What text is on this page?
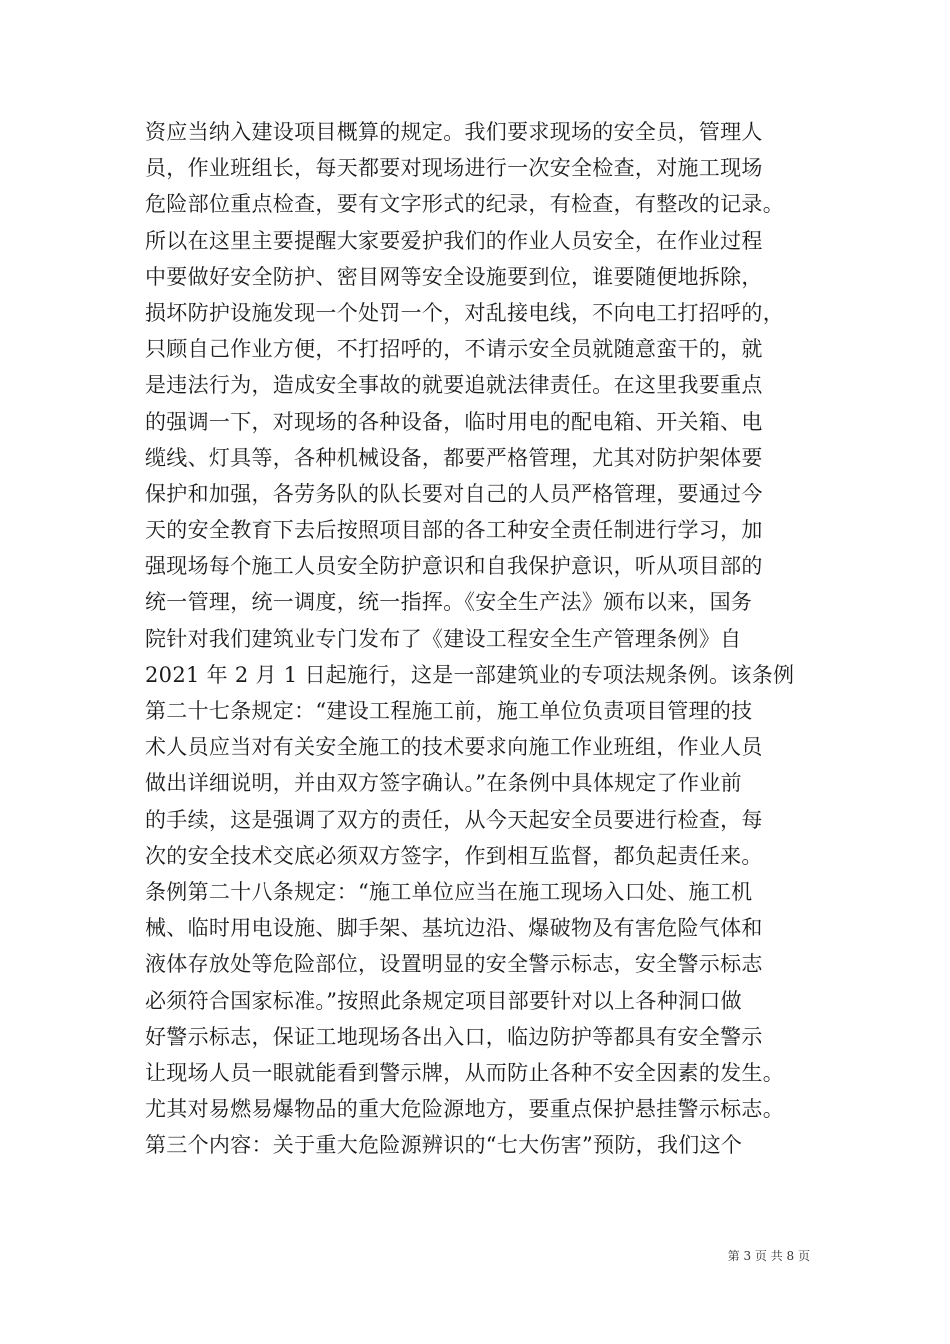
资应当纳入建设项目概算的规定。我们要求现场的安全员，管理人
员，作业班组长，每天都要对现场进行一次安全检查，对施工现场
危险部位重点检查，要有文字形式的纪录，有检查，有整改的记录。
所以在这里主要提醒大家要爱护我们的作业人员安全，在作业过程
中要做好安全防护、密目网等安全设施要到位，谁要随便地拆除，
损坏防护设施发现一个处罚一个，对乱接电线，不向电工打招呼的，
只顾自己作业方便，不打招呼的，不请示安全员就随意蛮干的，就
是违法行为，造成安全事故的就要追就法律责任。在这里我要重点
的强调一下，对现场的各种设备，临时用电的配电箱、开关箱、电
缆线、灯具等，各种机械设备，都要严格管理，尤其对防护架体要
保护和加强，各劳务队的队长要对自己的人员严格管理，要通过今
天的安全教育下去后按照项目部的各工种安全责任制进行学习，加
强现场每个施工人员安全防护意识和自我保护意识，听从项目部的
统一管理，统一调度，统一指挥。《安全生产法》颁布以来，国务
院针对我们建筑业专门发布了《建设工程安全生产管理条例》自
2021 年 2 月 1 日起施行，这是一部建筑业的专项法规条例。该条例
第二十七条规定：“建设工程施工前，施工单位负责项目管理的技
术人员应当对有关安全施工的技术要求向施工作业班组，作业人员
做出详细说明，并由双方签字确认。”在条例中具体规定了作业前
的手续，这是强调了双方的责任，从今天起安全员要进行检查，每
次的安全技术交底必须双方签字，作到相互监督，都负起责任来。
条例第二十八条规定：“施工单位应当在施工现场入口处、施工机
械、临时用电设施、脚手架、基坑边沿、爆破物及有害危险气体和
液体存放处等危险部位，设置明显的安全警示标志，安全警示标志
必须符合国家标准。”按照此条规定项目部要针对以上各种洞口做
好警示标志，保证工地现场各出入口，临边防护等都具有安全警示
让现场人员一眼就能看到警示牌，从而防止各种不安全因素的发生。
尤其对易燃易爆物品的重大危险源地方，要重点保护悬挂警示标志。
第三个内容：关于重大危险源辨识的“七大伤害”预防，我们这个
第 3 页 共 8 页
